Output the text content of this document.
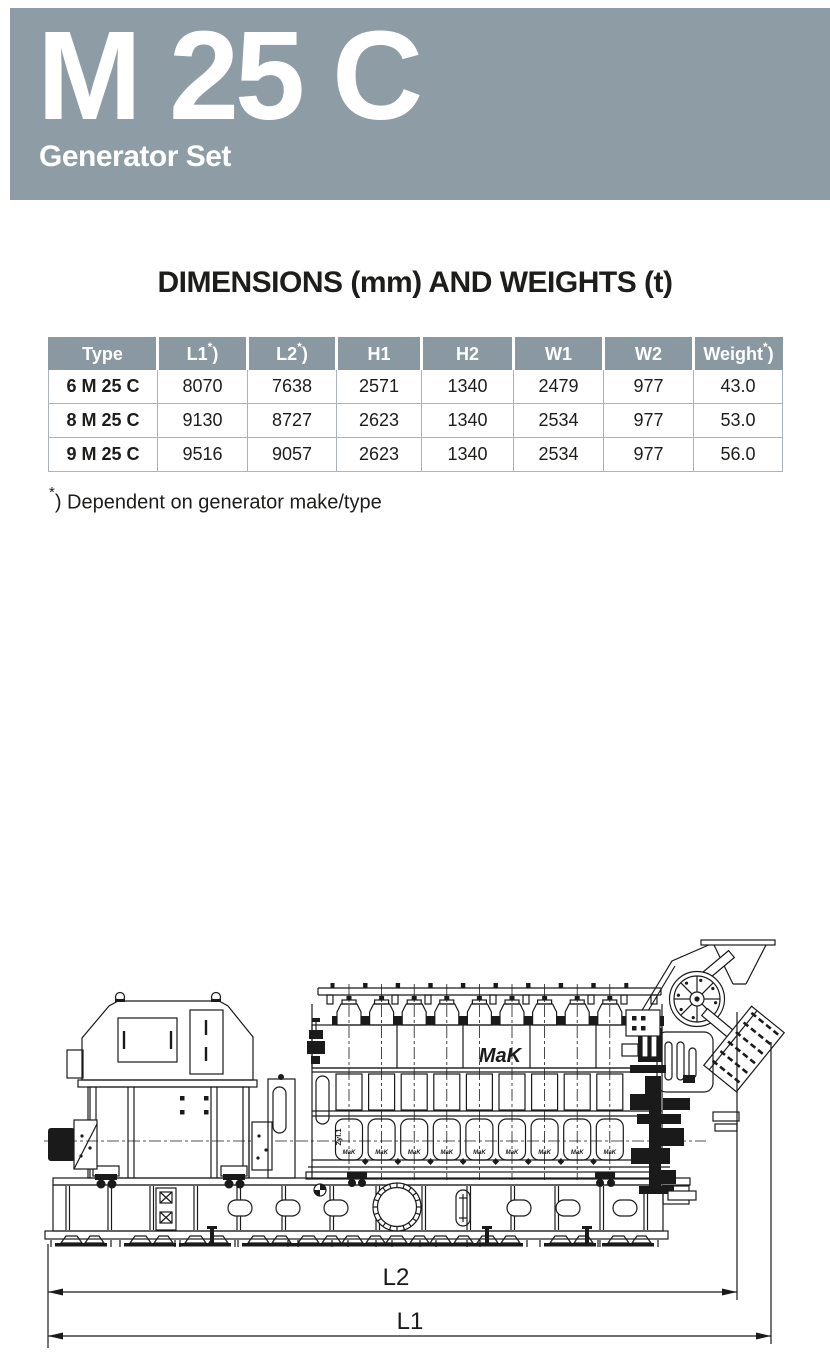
M 25 C
Generator Set
DIMENSIONS (mm) AND WEIGHTS (t)
Type	L1*)	L2*)	H1	H2	W1	W2	Weight*)
6 M 25 C	8070	7638	2571	1340	2479	977	43.0
8 M 25 C	9130	8727	2623	1340	2534	977	53.0
9 M 25 C	9516	9057	2623	1340	2534	977	56.0
*) Dependent on generator make/type
MaK	MaK	MaK	MaK	MaK	MaK	MaK	MaK	MaK
MaK
Zyl.1
L2
L1
